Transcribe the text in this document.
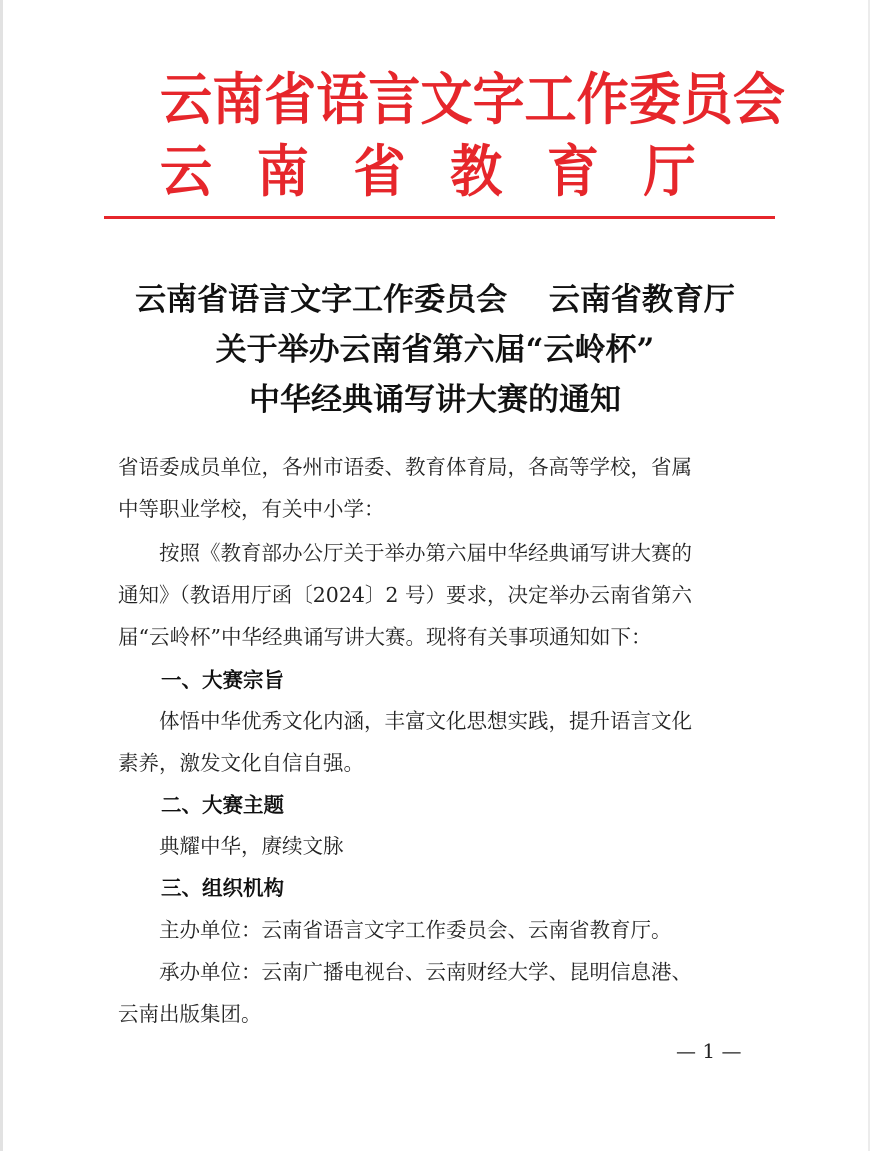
云南省语言文字工作委员会
云南省教育厅
云南省语言文字工作委员会　 云南省教育厅
关于举办云南省第六届“云岭杯”
中华经典诵写讲大赛的通知
省语委成员单位，各州市语委、教育体育局，各高等学校，省属
中等职业学校，有关中小学：
　　按照《教育部办公厅关于举办第六届中华经典诵写讲大赛的
通知》（教语用厅函〔2024〕2 号）要求，决定举办云南省第六
届“云岭杯”中华经典诵写讲大赛。现将有关事项通知如下：
一、大赛宗旨
　　体悟中华优秀文化内涵，丰富文化思想实践，提升语言文化
素养，激发文化自信自强。
二、大赛主题
　　典耀中华，赓续文脉
三、组织机构
　　主办单位：云南省语言文字工作委员会、云南省教育厅。
　　承办单位：云南广播电视台、云南财经大学、昆明信息港、
云南出版集团。
— 1 —
